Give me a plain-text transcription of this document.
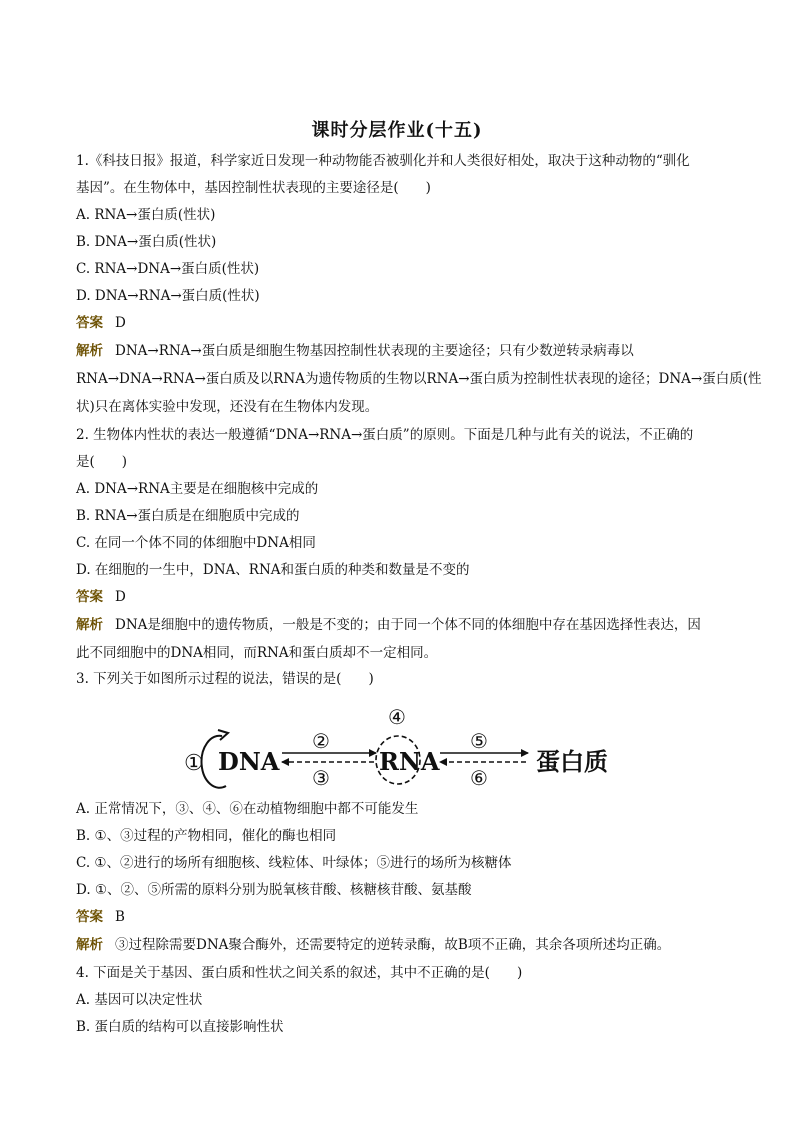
课时分层作业(十五)
1.《科技日报》报道，科学家近日发现一种动物能否被驯化并和人类很好相处，取决于这种动物的“驯化
基因”。在生物体中，基因控制性状表现的主要途径是(　　)
A. RNA→蛋白质(性状)
B. DNA→蛋白质(性状)
C. RNA→DNA→蛋白质(性状)
D. DNA→RNA→蛋白质(性状)
答案 D
解析 DNA→RNA→蛋白质是细胞生物基因控制性状表现的主要途径；只有少数逆转录病毒以
RNA→DNA→RNA→蛋白质及以RNA为遗传物质的生物以RNA→蛋白质为控制性状表现的途径；DNA→蛋白质(性
状)只在离体实验中发现，还没有在生物体内发现。
2. 生物体内性状的表达一般遵循“DNA→RNA→蛋白质”的原则。下面是几种与此有关的说法，不正确的
是(　　)
A. DNA→RNA主要是在细胞核中完成的
B. RNA→蛋白质是在细胞质中完成的
C. 在同一个体不同的体细胞中DNA相同
D. 在细胞的一生中，DNA、RNA和蛋白质的种类和数量是不变的
答案 D
解析 DNA是细胞中的遗传物质，一般是不变的；由于同一个体不同的体细胞中存在基因选择性表达，因
此不同细胞中的DNA相同，而RNA和蛋白质却不一定相同。
3. 下列关于如图所示过程的说法，错误的是(　　)
① DNA
②
③
④
RNA
⑤
⑥
蛋白质
A. 正常情况下，③、④、⑥在动植物细胞中都不可能发生
B. ①、③过程的产物相同，催化的酶也相同
C. ①、②进行的场所有细胞核、线粒体、叶绿体；⑤进行的场所为核糖体
D. ①、②、⑤所需的原料分别为脱氧核苷酸、核糖核苷酸、氨基酸
答案 B
解析 ③过程除需要DNA聚合酶外，还需要特定的逆转录酶，故B项不正确，其余各项所述均正确。
4. 下面是关于基因、蛋白质和性状之间关系的叙述，其中不正确的是(　　)
A. 基因可以决定性状
B. 蛋白质的结构可以直接影响性状
